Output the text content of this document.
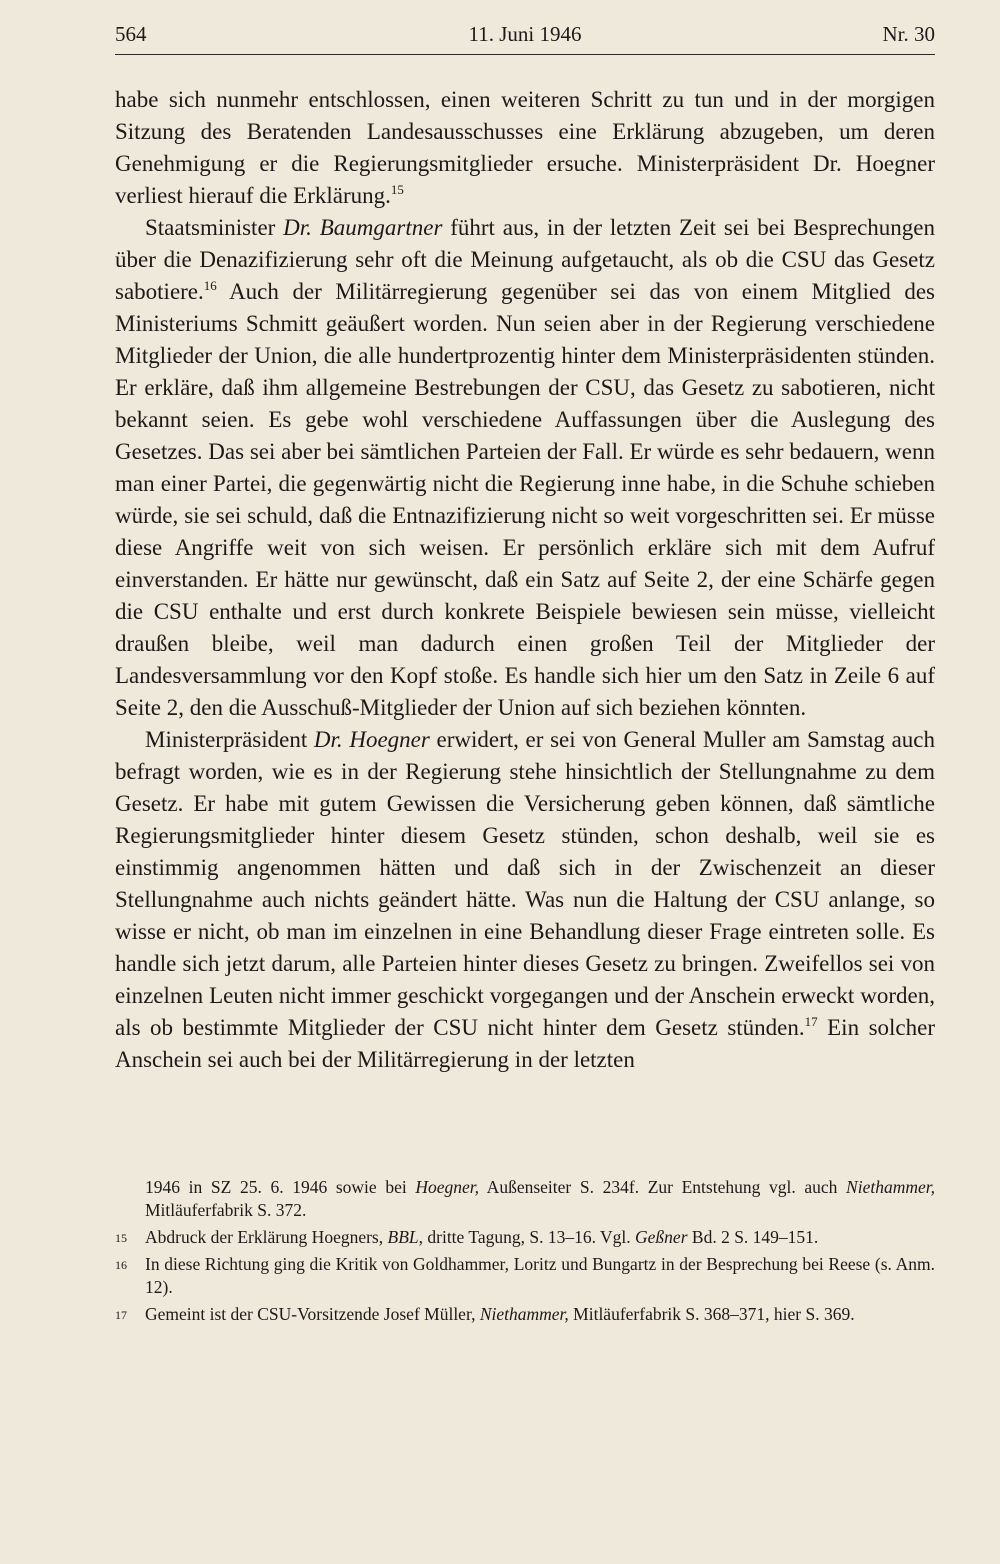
564	11. Juni 1946	Nr. 30

habe sich nunmehr entschlossen, einen weiteren Schritt zu tun und in der morgigen Sitzung des Beratenden Landesausschusses eine Erklärung abzugeben, um deren Genehmigung er die Regierungsmitglieder ersuche. Ministerpräsident Dr. Hoegner verliest hierauf die Erklärung.$^{15}$

Staatsminister Dr. Baumgartner führt aus, in der letzten Zeit sei bei Besprechungen über die Denazifizierung sehr oft die Meinung aufgetaucht, als ob die CSU das Gesetz sabotiere.$^{16}$ Auch der Militärregierung gegenüber sei das von einem Mitglied des Ministeriums Schmitt geäußert worden. Nun seien aber in der Regierung verschiedene Mitglieder der Union, die alle hundertprozentig hinter dem Ministerpräsidenten stünden. Er erkläre, daß ihm allgemeine Bestrebungen der CSU, das Gesetz zu sabotieren, nicht bekannt seien. Es gebe wohl verschiedene Auffassungen über die Auslegung des Gesetzes. Das sei aber bei sämtlichen Parteien der Fall. Er würde es sehr bedauern, wenn man einer Partei, die gegenwärtig nicht die Regierung inne habe, in die Schuhe schieben würde, sie sei schuld, daß die Entnazifizierung nicht so weit vorgeschritten sei. Er müsse diese Angriffe weit von sich weisen. Er persönlich erkläre sich mit dem Aufruf einverstanden. Er hätte nur gewünscht, daß ein Satz auf Seite 2, der eine Schärfe gegen die CSU enthalte und erst durch konkrete Beispiele bewiesen sein müsse, vielleicht draußen bleibe, weil man dadurch einen großen Teil der Mitglieder der Landesversammlung vor den Kopf stoße. Es handle sich hier um den Satz in Zeile 6 auf Seite 2, den die Ausschuß-Mitglieder der Union auf sich beziehen könnten.

Ministerpräsident Dr. Hoegner erwidert, er sei von General Muller am Samstag auch befragt worden, wie es in der Regierung stehe hinsichtlich der Stellungnahme zu dem Gesetz. Er habe mit gutem Gewissen die Versicherung geben können, daß sämtliche Regierungsmitglieder hinter diesem Gesetz stünden, schon deshalb, weil sie es einstimmig angenommen hätten und daß sich in der Zwischenzeit an dieser Stellungnahme auch nichts geändert hätte. Was nun die Haltung der CSU anlange, so wisse er nicht, ob man im einzelnen in eine Behandlung dieser Frage eintreten solle. Es handle sich jetzt darum, alle Parteien hinter dieses Gesetz zu bringen. Zweifellos sei von einzelnen Leuten nicht immer geschickt vorgegangen und der Anschein erweckt worden, als ob bestimmte Mitglieder der CSU nicht hinter dem Gesetz stünden.$^{17}$ Ein solcher Anschein sei auch bei der Militärregierung in der letzten

1946 in SZ 25. 6. 1946 sowie bei Hoegner, Außenseiter S. 234f. Zur Entstehung vgl. auch Niethammer, Mitläuferfabrik S. 372.

15 Abdruck der Erklärung Hoegners, BBL, dritte Tagung, S. 13–16. Vgl. Geßner Bd. 2 S. 149–151.

16 In diese Richtung ging die Kritik von Goldhammer, Loritz und Bungartz in der Besprechung bei Reese (s. Anm. 12).

17 Gemeint ist der CSU-Vorsitzende Josef Müller, Niethammer, Mitläuferfabrik S. 368–371, hier S. 369.
